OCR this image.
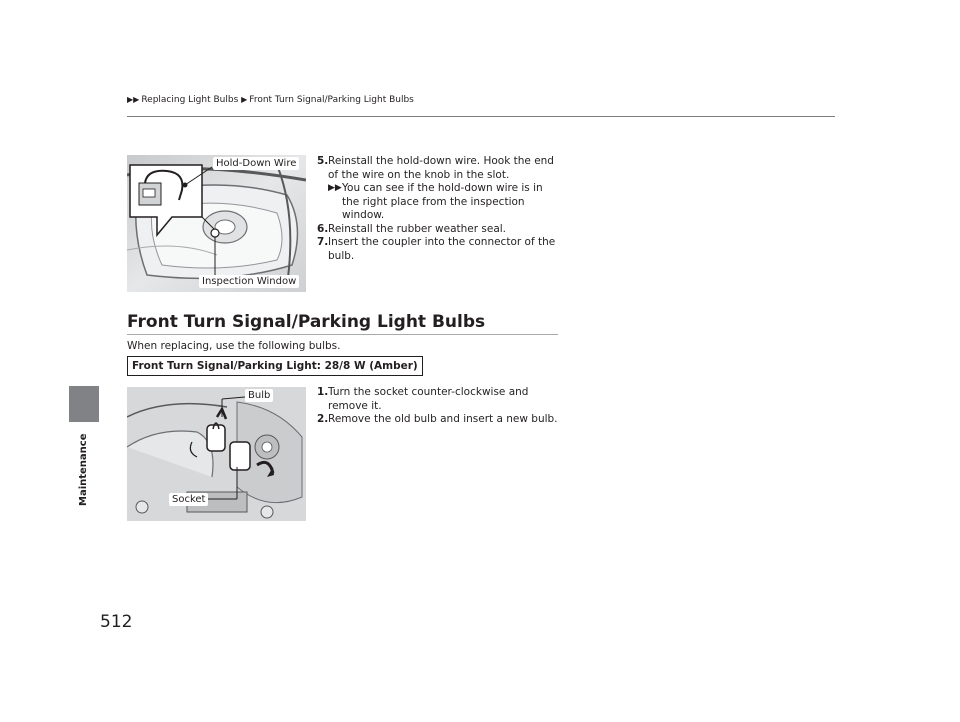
▶▶ Replacing Light Bulbs ▶ Front Turn Signal/Parking Light Bulbs
Maintenance
512
Hold-Down Wire
Inspection Window
5. Reinstall the hold-down wire. Hook the end
of the wire on the knob in the slot.
▶▶ You can see if the hold-down wire is in
the right place from the inspection
window.
6. Reinstall the rubber weather seal.
7. Insert the coupler into the connector of the
bulb.
Front Turn Signal/Parking Light Bulbs
When replacing, use the following bulbs.
Front Turn Signal/Parking Light: 28/8 W (Amber)
Bulb
Socket
1. Turn the socket counter-clockwise and
remove it.
2. Remove the old bulb and insert a new bulb.
